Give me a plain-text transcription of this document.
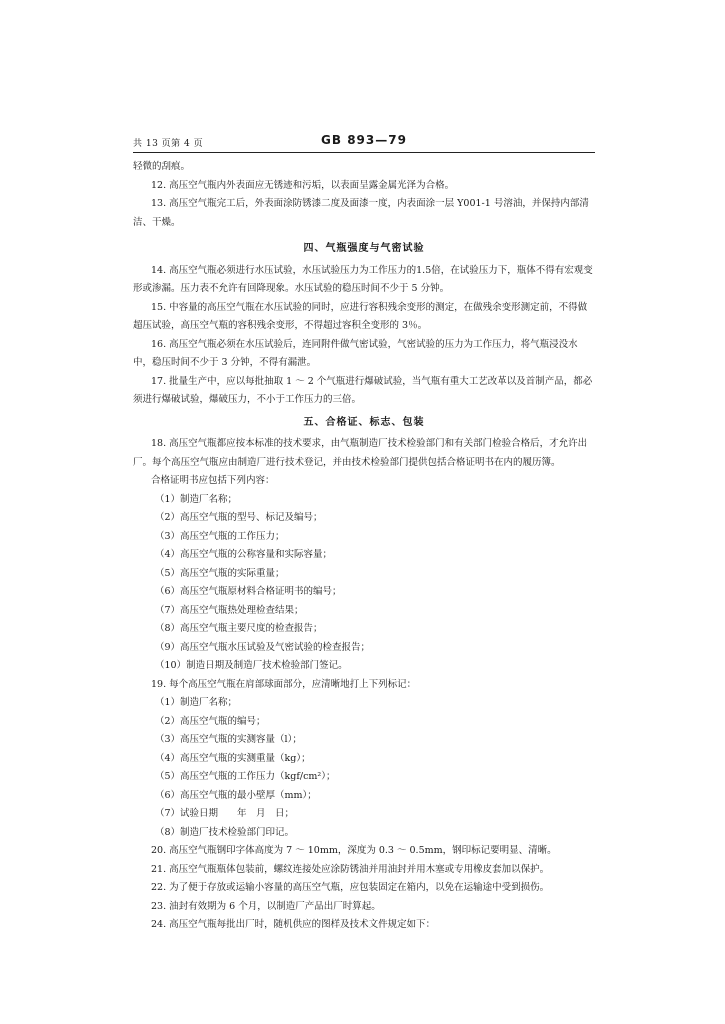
共 13 页第 4 页	GB 893—79

轻微的刮痕。

12. 高压空气瓶内外表面应无锈迹和污垢，以表面呈露金属光泽为合格。

13. 高压空气瓶完工后，外表面涂防锈漆二度及面漆一度，内表面涂一层 Y001-1 号溶油，并保持内部清洁、干燥。

四、气瓶强度与气密试验

14. 高压空气瓶必须进行水压试验，水压试验压力为工作压力的1.5倍，在试验压力下，瓶体不得有宏观变形或渗漏。压力表不允许有回降现象。水压试验的稳压时间不少于 5 分钟。

15. 中容量的高压空气瓶在水压试验的同时，应进行容积残余变形的测定，在做残余变形测定前，不得做超压试验，高压空气瓶的容积残余变形，不得超过容积全变形的 3％。

16. 高压空气瓶必须在水压试验后，连同附件做气密试验，气密试验的压力为工作压力，将气瓶浸没水中，稳压时间不少于 3 分钟，不得有漏泄。

17. 批量生产中，应以每批抽取 1 ～ 2 个气瓶进行爆破试验，当气瓶有重大工艺改革以及首制产品，都必须进行爆破试验，爆破压力，不小于工作压力的三倍。

五、合格证、标志、包装

18. 高压空气瓶都应按本标准的技术要求，由气瓶制造厂技术检验部门和有关部门检验合格后，才允许出厂。每个高压空气瓶应由制造厂进行技术登记，并由技术检验部门提供包括合格证明书在内的履历簿。

合格证明书应包括下列内容：

（1）制造厂名称；

（2）高压空气瓶的型号、标记及编号；

（3）高压空气瓶的工作压力；

（4）高压空气瓶的公称容量和实际容量；

（5）高压空气瓶的实际重量；

（6）高压空气瓶原材料合格证明书的编号；

（7）高压空气瓶热处理检查结果；

（8）高压空气瓶主要尺度的检查报告；

（9）高压空气瓶水压试验及气密试验的检查报告；

（10）制造日期及制造厂技术检验部门签记。

19. 每个高压空气瓶在肩部球面部分，应清晰地打上下列标记：

（1）制造厂名称；

（2）高压空气瓶的编号；

（3）高压空气瓶的实测容量（l）；

（4）高压空气瓶的实测重量（kg）；

（5）高压空气瓶的工作压力（kgf/cm²）；

（6）高压空气瓶的最小壁厚（mm）；

（7）试验日期　　年　月　日；

（8）制造厂技术检验部门印记。

20. 高压空气瓶钢印字体高度为 7 ～ 10mm，深度为 0.3 ～ 0.5mm，钢印标记要明显、清晰。

21. 高压空气瓶瓶体包装前，螺纹连接处应涂防锈油并用油封并用木塞或专用橡皮套加以保护。

22. 为了便于存放或运输小容量的高压空气瓶，应包装固定在箱内，以免在运输途中受到损伤。

23. 油封有效期为 6 个月，以制造厂产品出厂时算起。

24. 高压空气瓶每批出厂时，随机供应的图样及技术文件规定如下：
